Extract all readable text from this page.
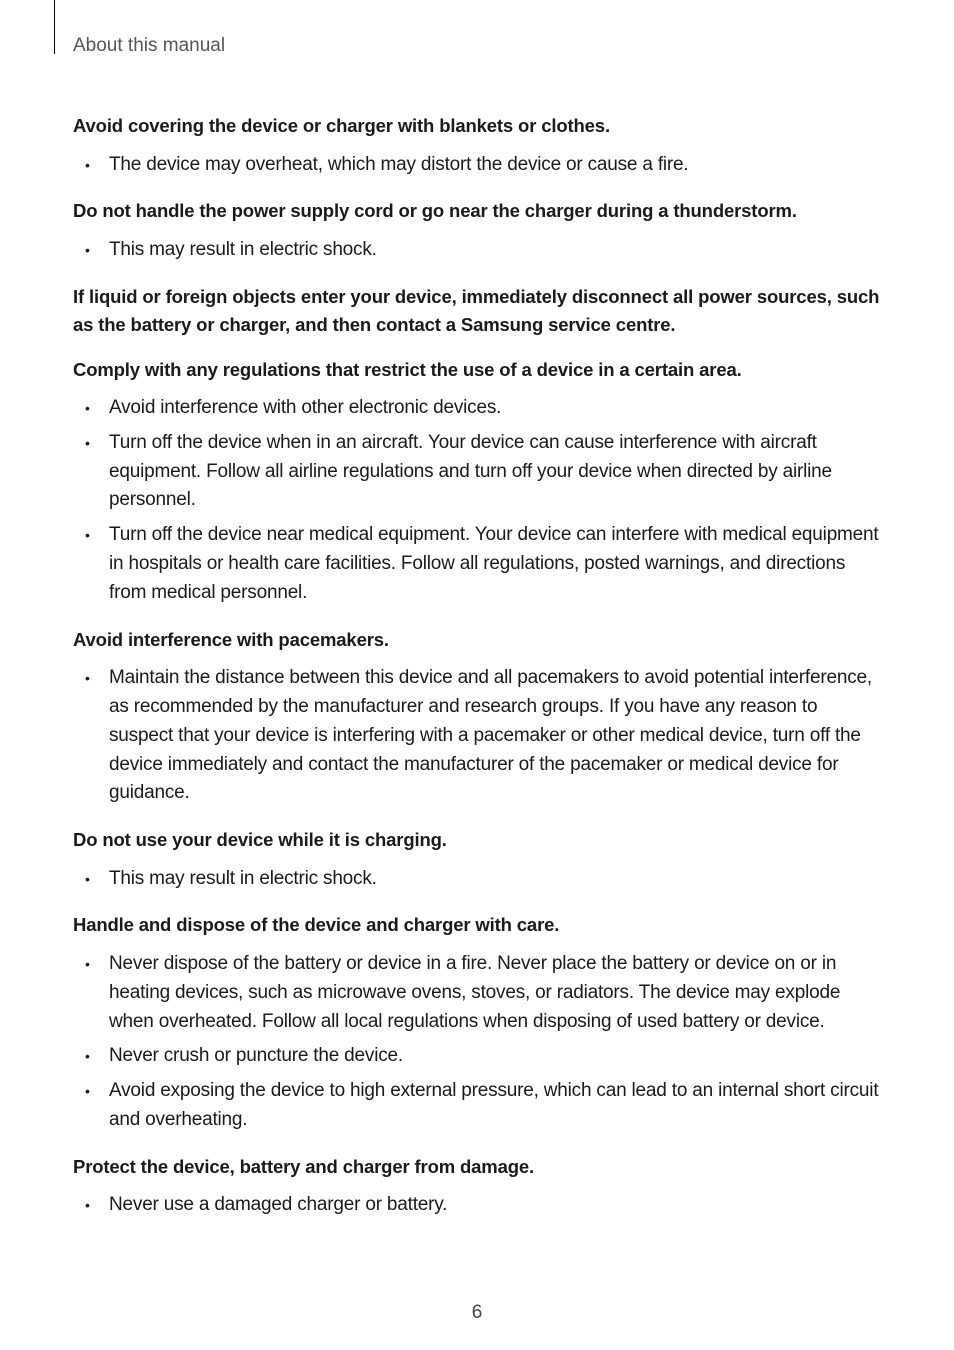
About this manual
Avoid covering the device or charger with blankets or clothes.
• The device may overheat, which may distort the device or cause a fire.
Do not handle the power supply cord or go near the charger during a thunderstorm.
• This may result in electric shock.
If liquid or foreign objects enter your device, immediately disconnect all power sources, such as the battery or charger, and then contact a Samsung service centre.
Comply with any regulations that restrict the use of a device in a certain area.
• Avoid interference with other electronic devices.
• Turn off the device when in an aircraft. Your device can cause interference with aircraft equipment. Follow all airline regulations and turn off your device when directed by airline personnel.
• Turn off the device near medical equipment. Your device can interfere with medical equipment in hospitals or health care facilities. Follow all regulations, posted warnings, and directions from medical personnel.
Avoid interference with pacemakers.
• Maintain the distance between this device and all pacemakers to avoid potential interference, as recommended by the manufacturer and research groups. If you have any reason to suspect that your device is interfering with a pacemaker or other medical device, turn off the device immediately and contact the manufacturer of the pacemaker or medical device for guidance.
Do not use your device while it is charging.
• This may result in electric shock.
Handle and dispose of the device and charger with care.
• Never dispose of the battery or device in a fire. Never place the battery or device on or in heating devices, such as microwave ovens, stoves, or radiators. The device may explode when overheated. Follow all local regulations when disposing of used battery or device.
• Never crush or puncture the device.
• Avoid exposing the device to high external pressure, which can lead to an internal short circuit and overheating.
Protect the device, battery and charger from damage.
• Never use a damaged charger or battery.
6
